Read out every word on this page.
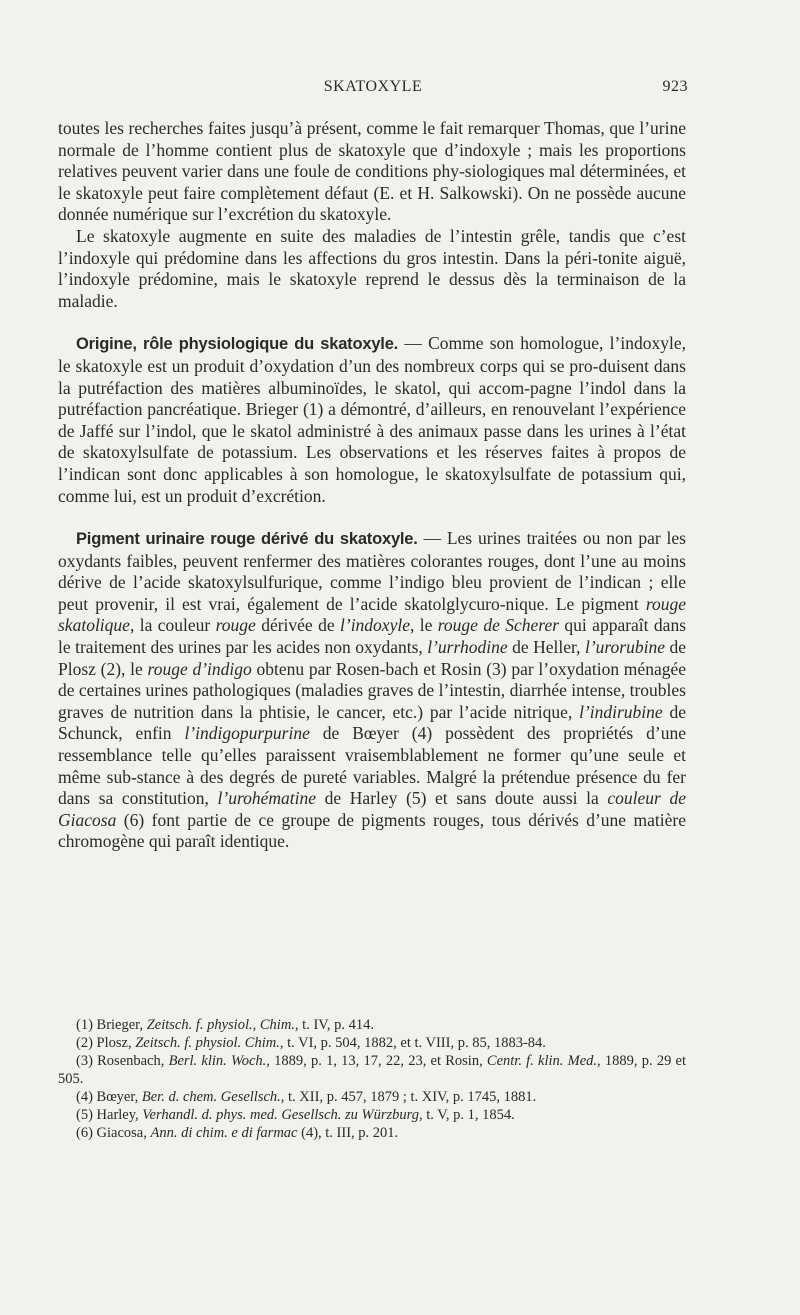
SKATOXYLE	923

toutes les recherches faites jusqu’à présent, comme le fait remarquer Thomas, que l’urine normale de l’homme contient plus de skatoxyle que d’indoxyle ; mais les proportions relatives peuvent varier dans une foule de conditions phy-siologiques mal déterminées, et le skatoxyle peut faire complètement défaut (E. et H. Salkowski). On ne possède aucune donnée numérique sur l’excrétion du skatoxyle.

Le skatoxyle augmente en suite des maladies de l’intestin grêle, tandis que c’est l’indoxyle qui prédomine dans les affections du gros intestin. Dans la péri-tonite aiguë, l’indoxyle prédomine, mais le skatoxyle reprend le dessus dès la terminaison de la maladie.

Origine, rôle physiologique du skatoxyle. — Comme son homologue, l’indoxyle, le skatoxyle est un produit d’oxydation d’un des nombreux corps qui se pro-duisent dans la putréfaction des matières albuminoïdes, le skatol, qui accom-pagne l’indol dans la putréfaction pancréatique. Brieger (1) a démontré, d’ailleurs, en renouvelant l’expérience de Jaffé sur l’indol, que le skatol administré à des animaux passe dans les urines à l’état de skatoxylsulfate de potassium. Les observations et les réserves faites à propos de l’indican sont donc applicables à son homologue, le skatoxylsulfate de potassium qui, comme lui, est un produit d’excrétion.

Pigment urinaire rouge dérivé du skatoxyle. — Les urines traitées ou non par les oxydants faibles, peuvent renfermer des matières colorantes rouges, dont l’une au moins dérive de l’acide skatoxylsulfurique, comme l’indigo bleu provient de l’indican ; elle peut provenir, il est vrai, également de l’acide skatolglycuro-nique. Le pigment rouge skatolique, la couleur rouge dérivée de l’indoxyle, le rouge de Scherer qui apparaît dans le traitement des urines par les acides non oxydants, l’urrhodine de Heller, l’urorubine de Plosz (2), le rouge d’indigo obtenu par Rosen-bach et Rosin (3) par l’oxydation ménagée de certaines urines pathologiques (maladies graves de l’intestin, diarrhée intense, troubles graves de nutrition dans la phtisie, le cancer, etc.) par l’acide nitrique, l’indirubine de Schunck, enfin l’indigopurpurine de Bœyer (4) possèdent des propriétés d’une ressemblance telle qu’elles paraissent vraisemblablement ne former qu’une seule et même sub-stance à des degrés de pureté variables. Malgré la prétendue présence du fer dans sa constitution, l’urohématine de Harley (5) et sans doute aussi la couleur de Giacosa (6) font partie de ce groupe de pigments rouges, tous dérivés d’une matière chromogène qui paraît identique.

(1) Brieger, Zeitsch. f. physiol., Chim., t. IV, p. 414.

(2) Plosz, Zeitsch. f. physiol. Chim., t. VI, p. 504, 1882, et t. VIII, p. 85, 1883-84.

(3) Rosenbach, Berl. klin. Woch., 1889, p. 1, 13, 17, 22, 23, et Rosin, Centr. f. klin. Med., 1889, p. 29 et 505.

(4) Bœyer, Ber. d. chem. Gesellsch., t. XII, p. 457, 1879 ; t. XIV, p. 1745, 1881.

(5) Harley, Verhandl. d. phys. med. Gesellsch. zu Würzburg, t. V, p. 1, 1854.

(6) Giacosa, Ann. di chim. e di farmac (4), t. III, p. 201.
